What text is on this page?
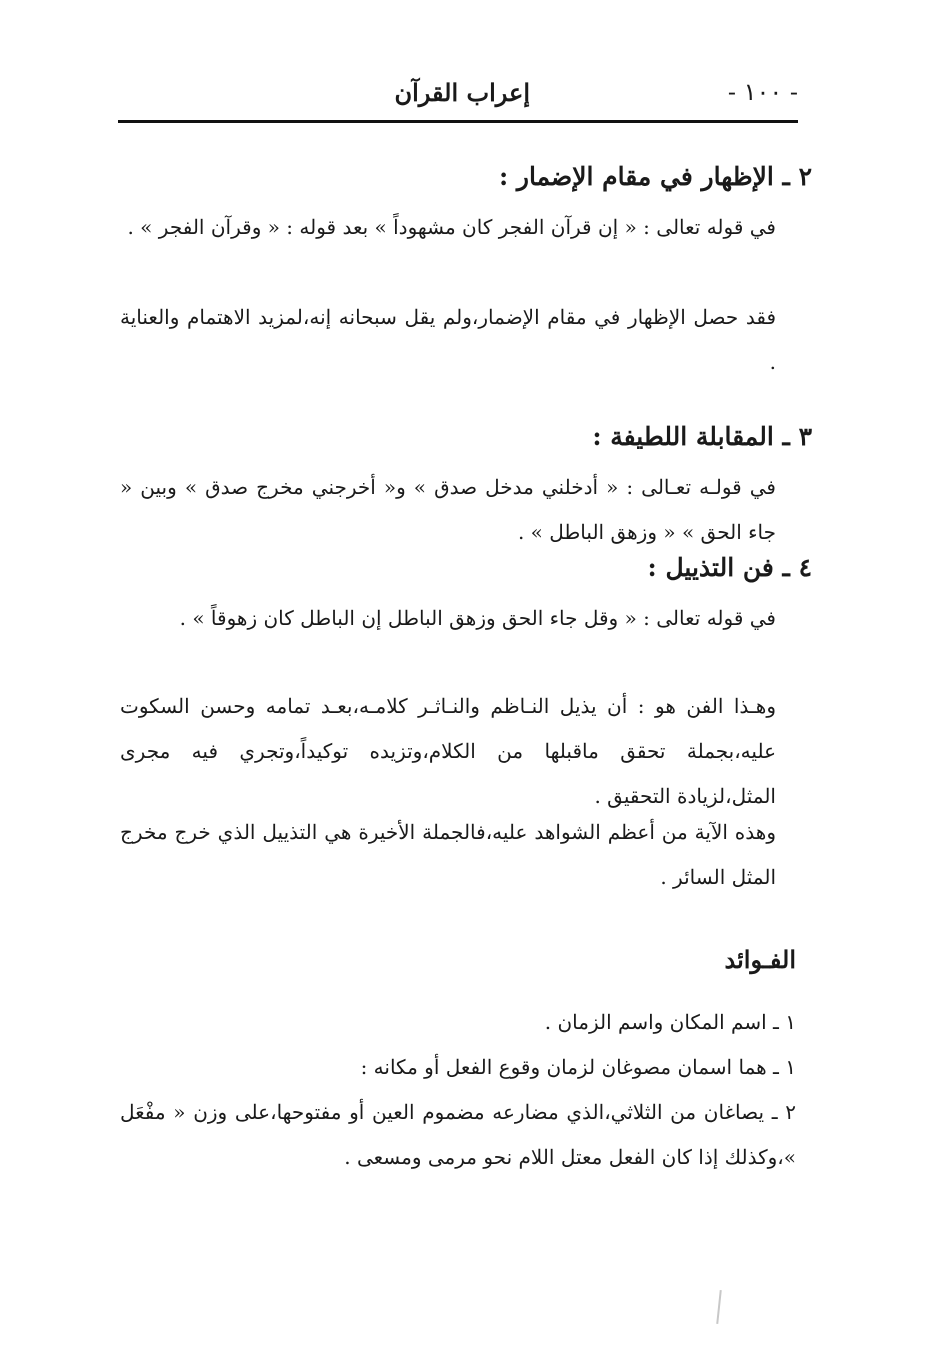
- ١٠٠ -
إعراب القرآن
٢ ـ الإظهار في مقام الإضمار :
في قوله تعالى : « إن قرآن الفجر كان مشهوداً » بعد قوله : « وقرآن الفجر » .
فقد حصل الإظهار في مقام الإضمار،ولم يقل سبحانه إنه،لمزيد الاهتمام والعناية .
٣ ـ المقابلة اللطيفة :
في قولـه تعـالى : « أدخلني مدخل صدق » و« أخرجني مخرج صدق » وبين « جاء الحق » « وزهق الباطل » .
٤ ـ فن التذييل :
في قوله تعالى : « وقل جاء الحق وزهق الباطل إن الباطل كان زهوقاً » .
وهـذا الفن هو : أن يذيل النـاظم والنـاثـر كلامـه،بعـد تمامه وحسن السكوت عليه،بجملة تحقق ماقبلها من الكلام،وتزيده توكيداً،وتجري فيه مجرى المثل،لزيادة التحقيق .
وهذه الآية من أعظم الشواهد عليه،فالجملة الأخيرة هي التذييل الذي خرج مخرج المثل السائر .
الفـوائد
١ ـ اسم المكان واسم الزمان .
١ ـ هما اسمان مصوغان لزمان وقوع الفعل أو مكانه :
٢ ـ يصاغان من الثلاثي،الذي مضارعه مضموم العين أو مفتوحها،على وزن « مفْعَل »،وكذلك إذا كان الفعل معتل اللام نحو مرمى ومسعى .
